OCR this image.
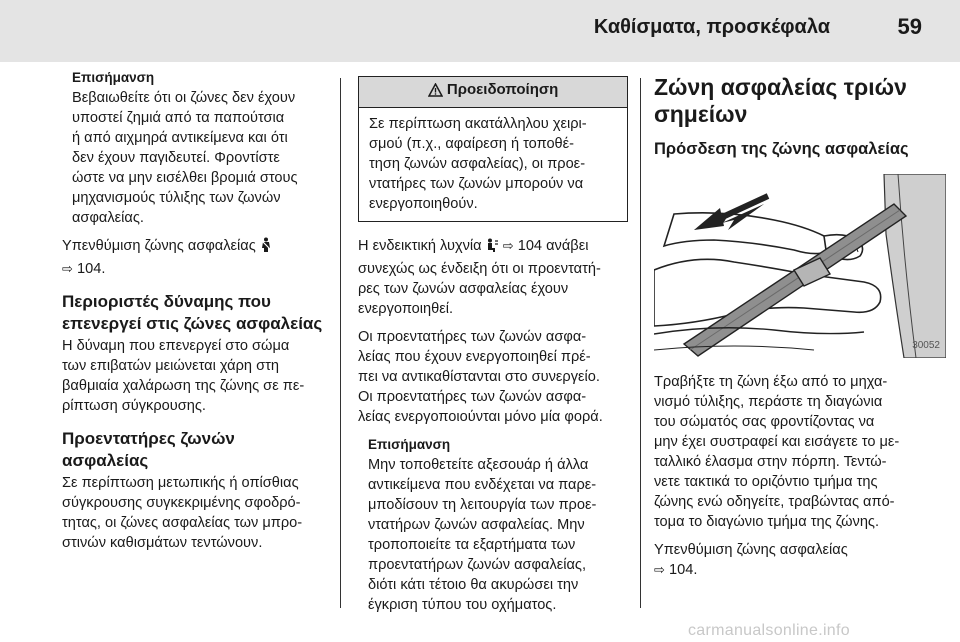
Καθίσματα, προσκέφαλα	59
Επισήμανση
Βεβαιωθείτε ότι οι ζώνες δεν έχουν
υποστεί ζημιά από τα παπούτσια
ή από αιχμηρά αντικείμενα και ότι
δεν έχουν παγιδευτεί. Φροντίστε
ώστε να μην εισέλθει βρομιά στους
μηχανισμούς τύλιξης των ζωνών
ασφαλείας.

Υπενθύμιση ζώνης ασφαλείας
⇨ 104.

Περιοριστές δύναμης που
επενεργεί στις ζώνες ασφαλείας

Η δύναμη που επενεργεί στο σώμα
των επιβατών μειώνεται χάρη στη
βαθμιαία χαλάρωση της ζώνης σε πε-
ρίπτωση σύγκρουσης.

Προεντατήρες ζωνών
ασφαλείας

Σε περίπτωση μετωπικής ή οπίσθιας
σύγκρουσης συγκεκριμένης σφοδρό-
τητας, οι ζώνες ασφαλείας των μπρο-
στινών καθισμάτων τεντώνουν.

Προειδοποίηση
Σε περίπτωση ακατάλληλου χειρι-
σμού (π.χ., αφαίρεση ή τοποθέ-
τηση ζωνών ασφαλείας), οι προε-
ντατήρες των ζωνών μπορούν να
ενεργοποιηθούν.

Η ενδεικτική λυχνία ⇨ 104 ανάβει
συνεχώς ως ένδειξη ότι οι προεντατή-
ρες των ζωνών ασφαλείας έχουν
ενεργοποιηθεί.

Οι προεντατήρες των ζωνών ασφα-
λείας που έχουν ενεργοποιηθεί πρέ-
πει να αντικαθίστανται στο συνεργείο.
Οι προεντατήρες των ζωνών ασφα-
λείας ενεργοποιούνται μόνο μία φορά.

Επισήμανση
Μην τοποθετείτε αξεσουάρ ή άλλα
αντικείμενα που ενδέχεται να παρε-
μποδίσουν τη λειτουργία των προε-
ντατήρων ζωνών ασφαλείας. Μην
τροποποιείτε τα εξαρτήματα των
προεντατήρων ζωνών ασφαλείας,
διότι κάτι τέτοιο θα ακυρώσει την
έγκριση τύπου του οχήματος.
Ζώνη ασφαλείας τριών
σημείων
Πρόσδεση της ζώνης ασφαλείας
30052

Τραβήξτε τη ζώνη έξω από το μηχα-
νισμό τύλιξης, περάστε τη διαγώνια
του σώματός σας φροντίζοντας να
μην έχει συστραφεί και εισάγετε το με-
ταλλικό έλασμα στην πόρπη. Τεντώ-
νετε τακτικά το οριζόντιο τμήμα της
ζώνης ενώ οδηγείτε, τραβώντας από-
τομα το διαγώνιο τμήμα της ζώνης.

Υπενθύμιση ζώνης ασφαλείας
⇨ 104.

carmanualsonline.info
